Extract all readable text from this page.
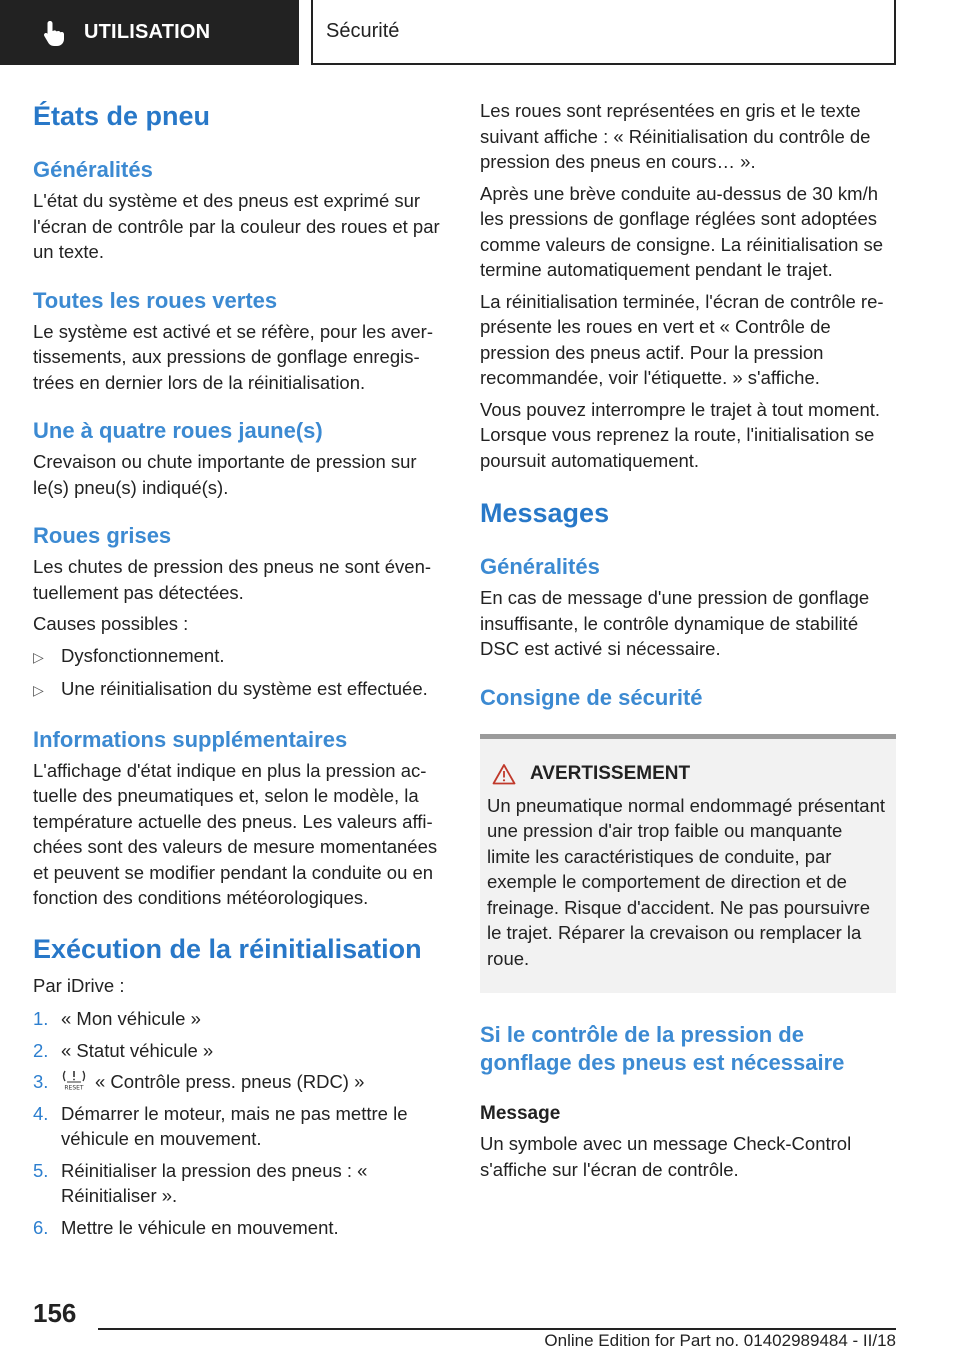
UTILISATION	Sécurité
États de pneu
Généralités
L'état du système et des pneus est exprimé sur l'écran de contrôle par la couleur des roues et par un texte.
Toutes les roues vertes
Le système est activé et se réfère, pour les avertissements, aux pressions de gonflage enregistrées en dernier lors de la réinitialisation.
Une à quatre roues jaune(s)
Crevaison ou chute importante de pression sur le(s) pneu(s) indiqué(s).
Roues grises
Les chutes de pression des pneus ne sont éventuellement pas détectées.
Causes possibles :
▷ Dysfonctionnement.
▷ Une réinitialisation du système est effectuée.
Informations supplémentaires
L'affichage d'état indique en plus la pression actuelle des pneumatiques et, selon le modèle, la température actuelle des pneus. Les valeurs affichées sont des valeurs de mesure momentanées et peuvent se modifier pendant la conduite ou en fonction des conditions météorologiques.
Exécution de la réinitialisation
Par iDrive :
1. « Mon véhicule »
2. « Statut véhicule »
3.	RESET « Contrôle press. pneus (RDC) »
4. Démarrer le moteur, mais ne pas mettre le véhicule en mouvement.
5. Réinitialiser la pression des pneus : « Réinitialiser ».
6. Mettre le véhicule en mouvement.
Les roues sont représentées en gris et le texte suivant affiche : « Réinitialisation du contrôle de pression des pneus en cours… ».
Après une brève conduite au-dessus de 30 km/h les pressions de gonflage réglées sont adoptées comme valeurs de consigne. La réinitialisation se termine automatiquement pendant le trajet.
La réinitialisation terminée, l'écran de contrôle représente les roues en vert et « Contrôle de pression des pneus actif. Pour la pression recommandée, voir l'étiquette. » s'affiche.
Vous pouvez interrompre le trajet à tout moment. Lorsque vous reprenez la route, l'initialisation se poursuit automatiquement.
Messages
Généralités
En cas de message d'une pression de gonflage insuffisante, le contrôle dynamique de stabilité DSC est activé si nécessaire.
Consigne de sécurité
AVERTISSEMENT
Un pneumatique normal endommagé présentant une pression d'air trop faible ou manquante limite les caractéristiques de conduite, par exemple le comportement de direction et de freinage. Risque d'accident. Ne pas poursuivre le trajet. Réparer la crevaison ou remplacer la roue.
Si le contrôle de la pression de gonflage des pneus est nécessaire
Message
Un symbole avec un message Check-Control s'affiche sur l'écran de contrôle.
156
Online Edition for Part no. 01402989484 - II/18
